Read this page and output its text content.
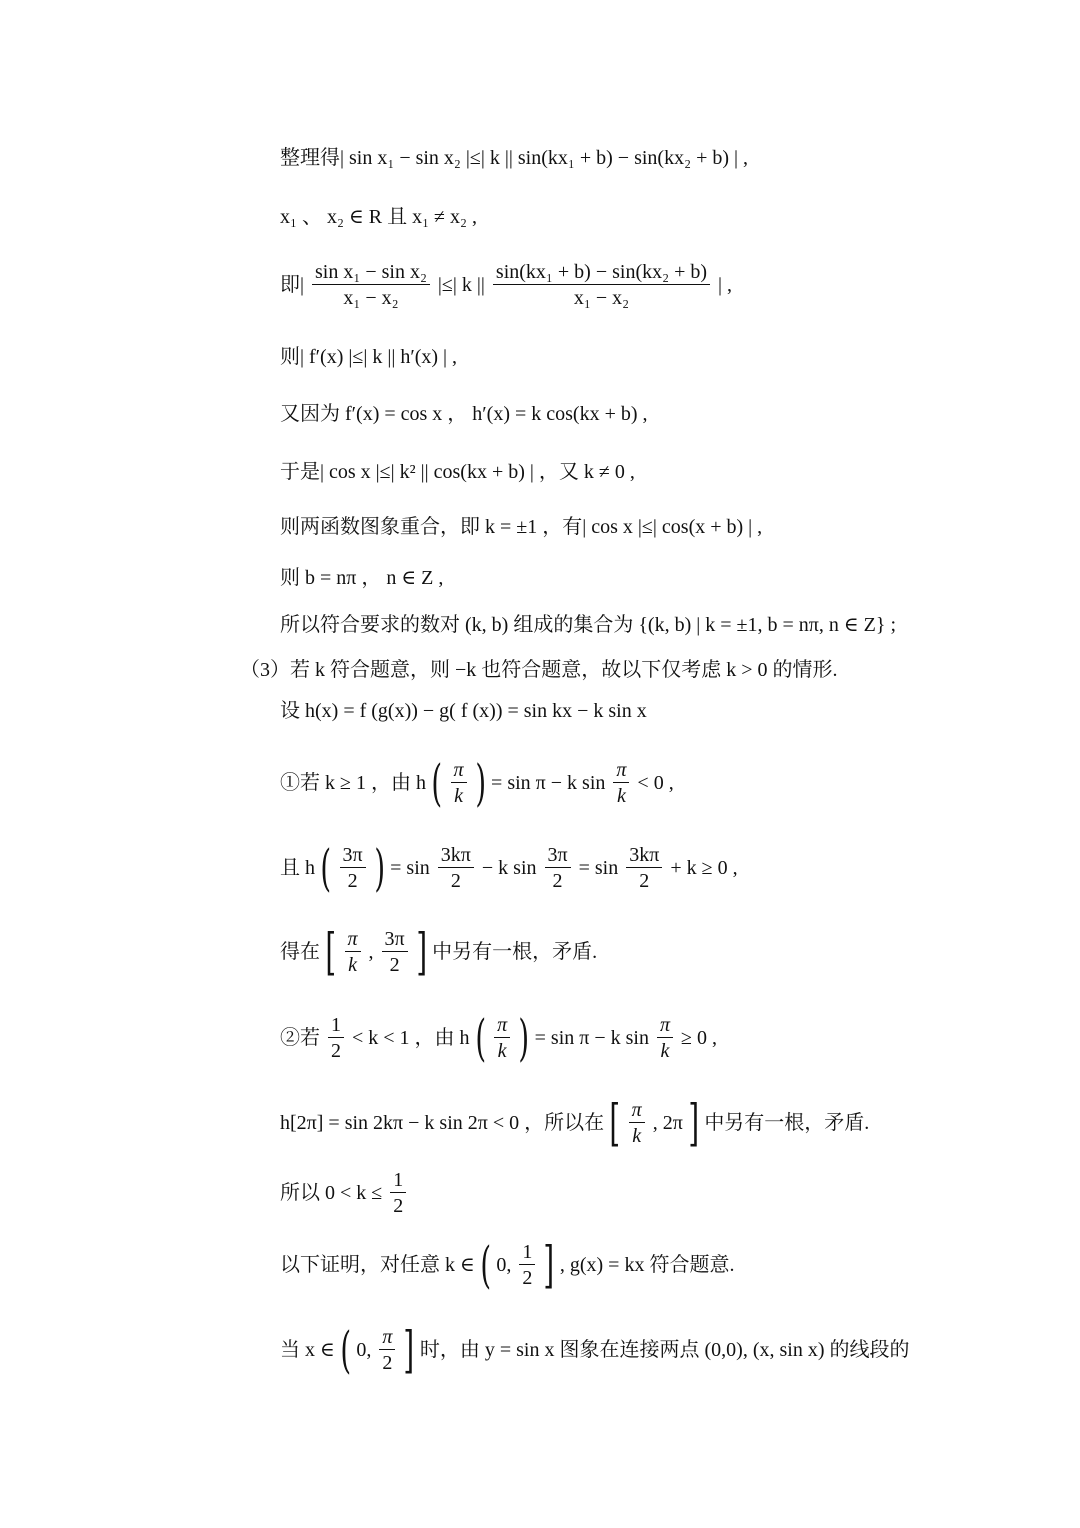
整理得| sin x₁ − sin x₂ |≤| k || sin(kx₁ + b) − sin(kx₂ + b) | ,
x₁ 、 x₂ ∈ R 且 x₁ ≠ x₂ ,
即| $\frac{\text{sin x₁ − sin x₂}}{\text{x₁ − x₂}}$ |≤| k || $\frac{\text{sin(kx₁ + b) − sin(kx₂ + b)}}{\text{x₁ − x₂}}$ | ,
则| f′(x) |≤| k || h′(x) | ,
又因为 f′(x) = cos x ， h′(x) = k cos(kx + b) ,
于是| cos x |≤| k² || cos(kx + b) | ，又 k ≠ 0 ,
则两函数图象重合，即 k = ±1 ，有| cos x |≤| cos(x + b) | ,
则 b = nπ ， n ∈ Z ,
所以符合要求的数对 (k, b) 组成的集合为 {(k, b) | k = ±1, b = nπ, n ∈ Z} ;
（3）若 k 符合题意，则 −k 也符合题意，故以下仅考虑 k > 0 的情形.
设 h(x) = f (g(x)) − g( f (x)) = sin kx − k sin x
①若 k ≥ 1 ，由 h ( $\frac{\pi}{k}$ ) = sin π − k $\sin \frac{\pi}{k} < 0$ ,
且 h ( $\frac{3\pi}{2}$ ) = $\sin \frac{3k\pi}{2} - k$ $\sin \frac{3\pi}{2} = \sin \frac{3k\pi}{2} + k \ge 0$ ,
得在 [ $\frac{\pi}{k}$ , $\frac{3\pi}{2}$ ] 中另有一根，矛盾.
②若 $\frac{1}{2} < k < 1$ ，由 h ( $\frac{\pi}{k}$ ) = sin π − k $\sin \frac{\pi}{k} \ge 0$ ,
h[2π] = sin 2kπ − k sin 2π < 0 ，所以在 [ $\frac{\pi}{k}$ , 2π ] 中另有一根，矛盾.
所以 $0 < k \le \frac{1}{2}$
以下证明，对任意 k ∈ ( 0, $\frac{1}{2}$ ] , g(x) = kx 符合题意.
当 x ∈ ( 0, $\frac{\pi}{2}$ ] 时，由 y = sin x 图象在连接两点 (0,0), (x, sin x) 的线段的
